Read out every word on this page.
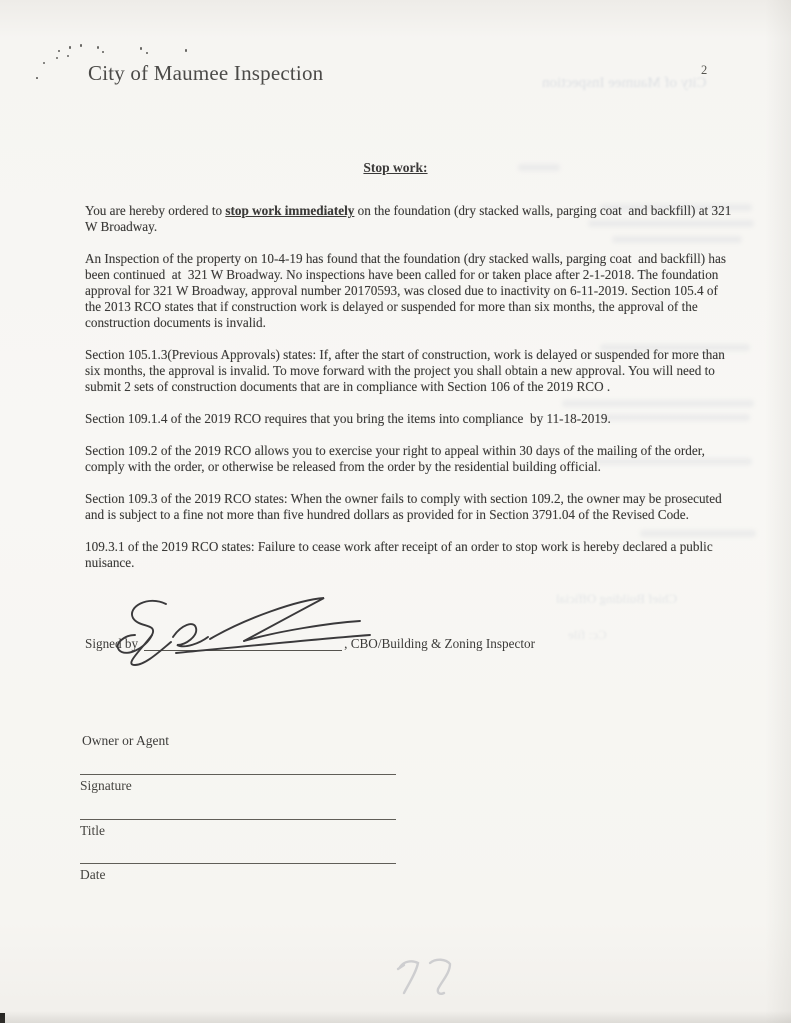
City of Maumee Inspection
Chief Building Official
Cc: file
City of Maumee Inspection	2
Stop work:

You are hereby ordered to stop work immediately on the foundation (dry stacked walls, parging coat  and backfill) at 321 W Broadway.

An Inspection of the property on 10-4-19 has found that the foundation (dry stacked walls, parging coat  and backfill) has been continued  at  321 W Broadway. No inspections have been called for or taken place after 2-1-2018. The foundation approval for 321 W Broadway, approval number 20170593, was closed due to inactivity on 6-11-2019. Section 105.4 of the 2013 RCO states that if construction work is delayed or suspended for more than six months, the approval of the construction documents is invalid.

Section 105.1.3(Previous Approvals) states: If, after the start of construction, work is delayed or suspended for more than six months, the approval is invalid. To move forward with the project you shall obtain a new approval. You will need to submit 2 sets of construction documents that are in compliance with Section 106 of the 2019 RCO .

Section 109.1.4 of the 2019 RCO requires that you bring the items into compliance  by 11-18-2019.

Section 109.2 of the 2019 RCO allows you to exercise your right to appeal within 30 days of the mailing of the order, comply with the order, or otherwise be released from the order by the residential building official.

Section 109.3 of the 2019 RCO states: When the owner fails to comply with section 109.2, the owner may be prosecuted and is subject to a fine not more than five hundred dollars as provided for in Section 3791.04 of the Revised Code.

109.3.1 of the 2019 RCO states: Failure to cease work after receipt of an order to stop work is hereby declared a public nuisance.

Signed by	, CBO/Building & Zoning Inspector
Owner or Agent
Signature
Title
Date
